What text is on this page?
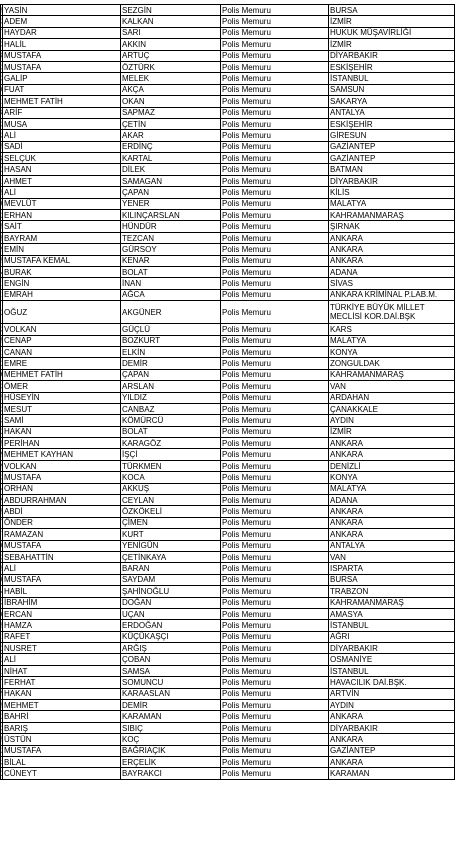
	YASİN	SEZGİN	Polis Memuru	BURSA
	ADEM	KALKAN	Polis Memuru	İZMİR
	HAYDAR	SARI	Polis Memuru	HUKUK MÜŞAVİRLİĞİ
	HALİL	AKKIN	Polis Memuru	İZMİR
	MUSTAFA	ARTUÇ	Polis Memuru	DİYARBAKIR
	MUSTAFA	ÖZTÜRK	Polis Memuru	ESKİŞEHİR
	GALİP	MELEK	Polis Memuru	İSTANBUL
	FUAT	AKÇA	Polis Memuru	SAMSUN
	MEHMET FATİH	OKAN	Polis Memuru	SAKARYA
	ARİF	SAPMAZ	Polis Memuru	ANTALYA
	MUSA	ÇETİN	Polis Memuru	ESKİŞEHİR
	ALİ	AKAR	Polis Memuru	GİRESUN
	SADİ	ERDİNÇ	Polis Memuru	GAZİANTEP
	SELÇUK	KARTAL	Polis Memuru	GAZİANTEP
	HASAN	DİLEK	Polis Memuru	BATMAN
	AHMET	SAMAGAN	Polis Memuru	DİYARBAKIR
	ALİ	ÇAPAN	Polis Memuru	KİLİS
	MEVLÜT	YENER	Polis Memuru	MALATYA
	ERHAN	KILINÇARSLAN	Polis Memuru	KAHRAMANMARAŞ
	SAİT	HÜNDÜR	Polis Memuru	ŞIRNAK
	BAYRAM	TEZCAN	Polis Memuru	ANKARA
	EMİN	GÜRSOY	Polis Memuru	ANKARA
	MUSTAFA KEMAL	KENAR	Polis Memuru	ANKARA
	BURAK	BOLAT	Polis Memuru	ADANA
	ENGİN	İNAN	Polis Memuru	SİVAS
	EMRAH	AĞCA	Polis Memuru	ANKARA KRİMİNAL P.LAB.M.
	OĞUZ	AKGÜNER	Polis Memuru	TÜRKİYE BÜYÜK MİLLET MECLİSİ KOR.DAİ.BŞK
	VOLKAN	GÜÇLÜ	Polis Memuru	KARS
	CENAP	BOZKURT	Polis Memuru	MALATYA
	CANAN	ELKİN	Polis Memuru	KONYA
	EMRE	DEMİR	Polis Memuru	ZONGULDAK
	MEHMET FATİH	ÇAPAN	Polis Memuru	KAHRAMANMARAŞ
	ÖMER	ARSLAN	Polis Memuru	VAN
	HÜSEYİN	YILDIZ	Polis Memuru	ARDAHAN
	MESUT	CANBAZ	Polis Memuru	ÇANAKKALE
	SAMİ	KÖMÜRCÜ	Polis Memuru	AYDIN
	HAKAN	BOLAT	Polis Memuru	İZMİR
	PERİHAN	KARAGÖZ	Polis Memuru	ANKARA
	MEHMET KAYHAN	İŞÇİ	Polis Memuru	ANKARA
	VOLKAN	TÜRKMEN	Polis Memuru	DENİZLİ
	MUSTAFA	KOCA	Polis Memuru	KONYA
	ORHAN	AKKUŞ	Polis Memuru	MALATYA
	ABDURRAHMAN	CEYLAN	Polis Memuru	ADANA
	ABDİ	ÖZKÖKELİ	Polis Memuru	ANKARA
	ÖNDER	ÇİMEN	Polis Memuru	ANKARA
	RAMAZAN	KURT	Polis Memuru	ANKARA
	MUSTAFA	YENİGÜN	Polis Memuru	ANTALYA
	SEBAHATTİN	ÇETİNKAYA	Polis Memuru	VAN
	ALİ	BARAN	Polis Memuru	ISPARTA
	MUSTAFA	SAYDAM	Polis Memuru	BURSA
	HABİL	ŞAHİNOĞLU	Polis Memuru	TRABZON
	İBRAHİM	DOĞAN	Polis Memuru	KAHRAMANMARAŞ
	ERCAN	UÇAN	Polis Memuru	AMASYA
	HAMZA	ERDOĞAN	Polis Memuru	İSTANBUL
	RAFET	KÜÇÜKAŞÇI	Polis Memuru	AĞRI
	NUSRET	ARĞIŞ	Polis Memuru	DİYARBAKIR
	ALİ	ÇOBAN	Polis Memuru	OSMANİYE
	NİHAT	SAMSA	Polis Memuru	İSTANBUL
	FERHAT	SOMUNCU	Polis Memuru	HAVACILIK DAİ.BŞK.
	HAKAN	KARAASLAN	Polis Memuru	ARTVİN
	MEHMET	DEMİR	Polis Memuru	AYDIN
	BAHRİ	KARAMAN	Polis Memuru	ANKARA
	BARIŞ	SIBIÇ	Polis Memuru	DİYARBAKIR
	ÜSTÜN	KOÇ	Polis Memuru	ANKARA
	MUSTAFA	BAĞRIAÇIK	Polis Memuru	GAZİANTEP
	BİLAL	ERÇELİK	Polis Memuru	ANKARA
	CÜNEYT	BAYRAKCI	Polis Memuru	KARAMAN
